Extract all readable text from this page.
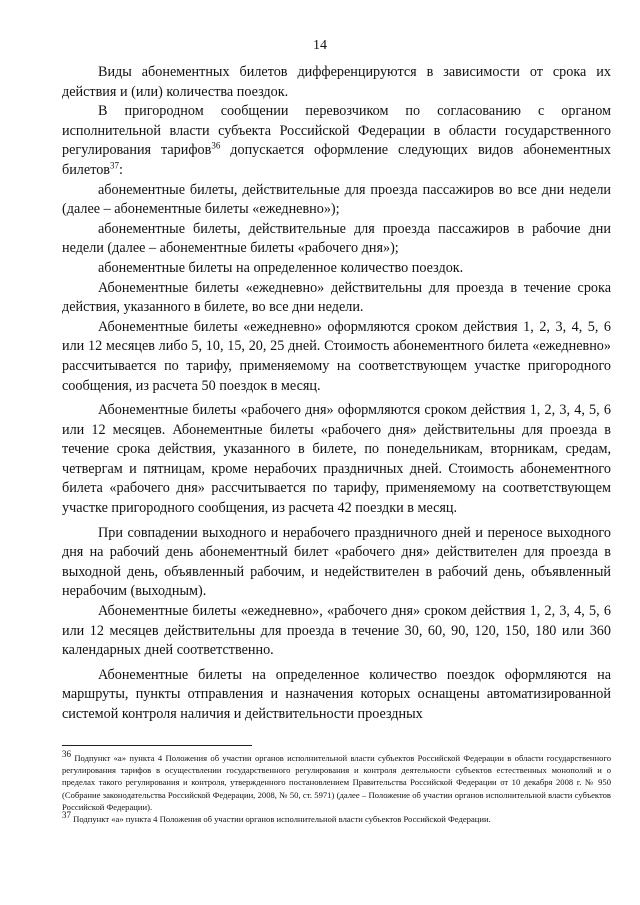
14

Виды абонементных билетов дифференцируются в зависимости от срока их действия и (или) количества поездок.

В пригородном сообщении перевозчиком по согласованию с органом исполнительной власти субъекта Российской Федерации в области государственного регулирования тарифов$^{36}$ допускается оформление следующих видов абонементных билетов$^{37}$:

абонементные билеты, действительные для проезда пассажиров во все дни недели (далее – абонементные билеты «ежедневно»);

абонементные билеты, действительные для проезда пассажиров в рабочие дни недели (далее – абонементные билеты «рабочего дня»);

абонементные билеты на определенное количество поездок.

Абонементные билеты «ежедневно» действительны для проезда в течение срока действия, указанного в билете, во все дни недели.

Абонементные билеты «ежедневно» оформляются сроком действия 1, 2, 3, 4, 5, 6 или 12 месяцев либо 5, 10, 15, 20, 25 дней. Стоимость абонементного билета «ежедневно» рассчитывается по тарифу, применяемому на соответствующем участке пригородного сообщения, из расчета 50 поездок в месяц.

Абонементные билеты «рабочего дня» оформляются сроком действия 1, 2, 3, 4, 5, 6 или 12 месяцев. Абонементные билеты «рабочего дня» действительны для проезда в течение срока действия, указанного в билете, по понедельникам, вторникам, средам, четвергам и пятницам, кроме нерабочих праздничных дней. Стоимость абонементного билета «рабочего дня» рассчитывается по тарифу, применяемому на соответствующем участке пригородного сообщения, из расчета 42 поездки в месяц.

При совпадении выходного и нерабочего праздничного дней и переносе выходного дня на рабочий день абонементный билет «рабочего дня» действителен для проезда в выходной день, объявленный рабочим, и недействителен в рабочий день, объявленный нерабочим (выходным).

Абонементные билеты «ежедневно», «рабочего дня» сроком действия 1, 2, 3, 4, 5, 6 или 12 месяцев действительны для проезда в течение 30, 60, 90, 120, 150, 180 или 360 календарных дней соответственно.

Абонементные билеты на определенное количество поездок оформляются на маршруты, пункты отправления и назначения которых оснащены автоматизированной системой контроля наличия и действительности проездных

$^{36}$ Подпункт «а» пункта 4 Положения об участии органов исполнительной власти субъектов Российской Федерации в области государственного регулирования тарифов в осуществлении государственного регулирования и контроля деятельности субъектов естественных монополий и о пределах такого регулирования и контроля, утвержденного постановлением Правительства Российской Федерации от 10 декабря 2008 г. № 950 (Собрание законодательства Российской Федерации, 2008, № 50, ст. 5971) (далее – Положение об участии органов исполнительной власти субъектов Российской Федерации).

$^{37}$ Подпункт «а» пункта 4 Положения об участии органов исполнительной власти субъектов Российской Федерации.
